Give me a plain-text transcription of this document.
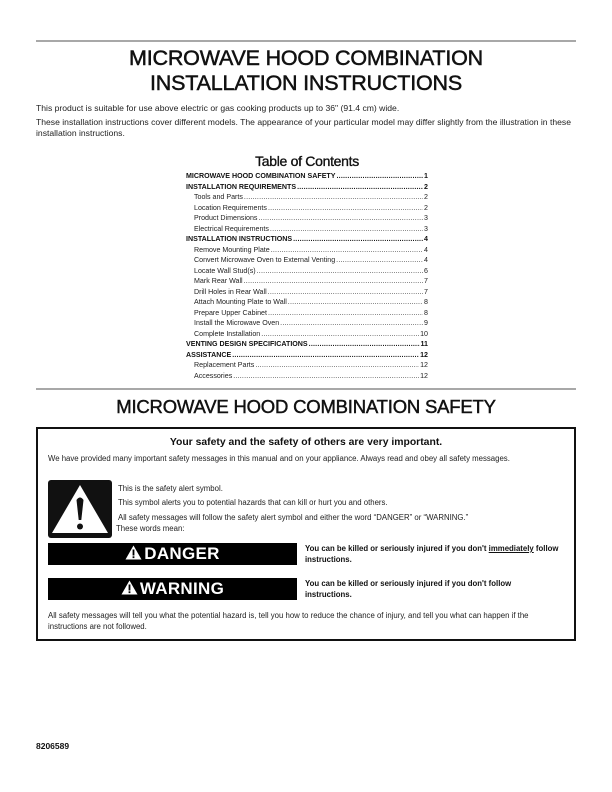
MICROWAVE HOOD COMBINATION
INSTALLATION INSTRUCTIONS
This product is suitable for use above electric or gas cooking products up to 36" (91.4 cm) wide.
These installation instructions cover different models. The appearance of your particular model may differ slightly from the illustration in these installation instructions.
Table of Contents
MICROWAVE HOOD COMBINATION SAFETY .....	1
INSTALLATION REQUIREMENTS .....	2
Tools and Parts .....	2
Location Requirements .....	2
Product Dimensions .....	3
Electrical Requirements .....	3
INSTALLATION INSTRUCTIONS .....	4
Remove Mounting Plate .....	4
Convert Microwave Oven to External Venting .....	4
Locate Wall Stud(s) .....	6
Mark Rear Wall .....	7
Drill Holes in Rear Wall .....	7
Attach Mounting Plate to Wall .....	8
Prepare Upper Cabinet .....	8
Install the Microwave Oven .....	9
Complete Installation .....	10
VENTING DESIGN SPECIFICATIONS .....	11
ASSISTANCE .....	12
Replacement Parts .....	12
Accessories .....	12
MICROWAVE HOOD COMBINATION SAFETY
Your safety and the safety of others are very important.
We have provided many important safety messages in this manual and on your appliance. Always read and obey all safety messages.
This is the safety alert symbol.
This symbol alerts you to potential hazards that can kill or hurt you and others.
All safety messages will follow the safety alert symbol and either the word “DANGER” or “WARNING.”
These words mean:
DANGER	You can be killed or seriously injured if you don't immediately follow instructions.
WARNING	You can be killed or seriously injured if you don't follow instructions.
All safety messages will tell you what the potential hazard is, tell you how to reduce the chance of injury, and tell you what can happen if the instructions are not followed.
8206589
